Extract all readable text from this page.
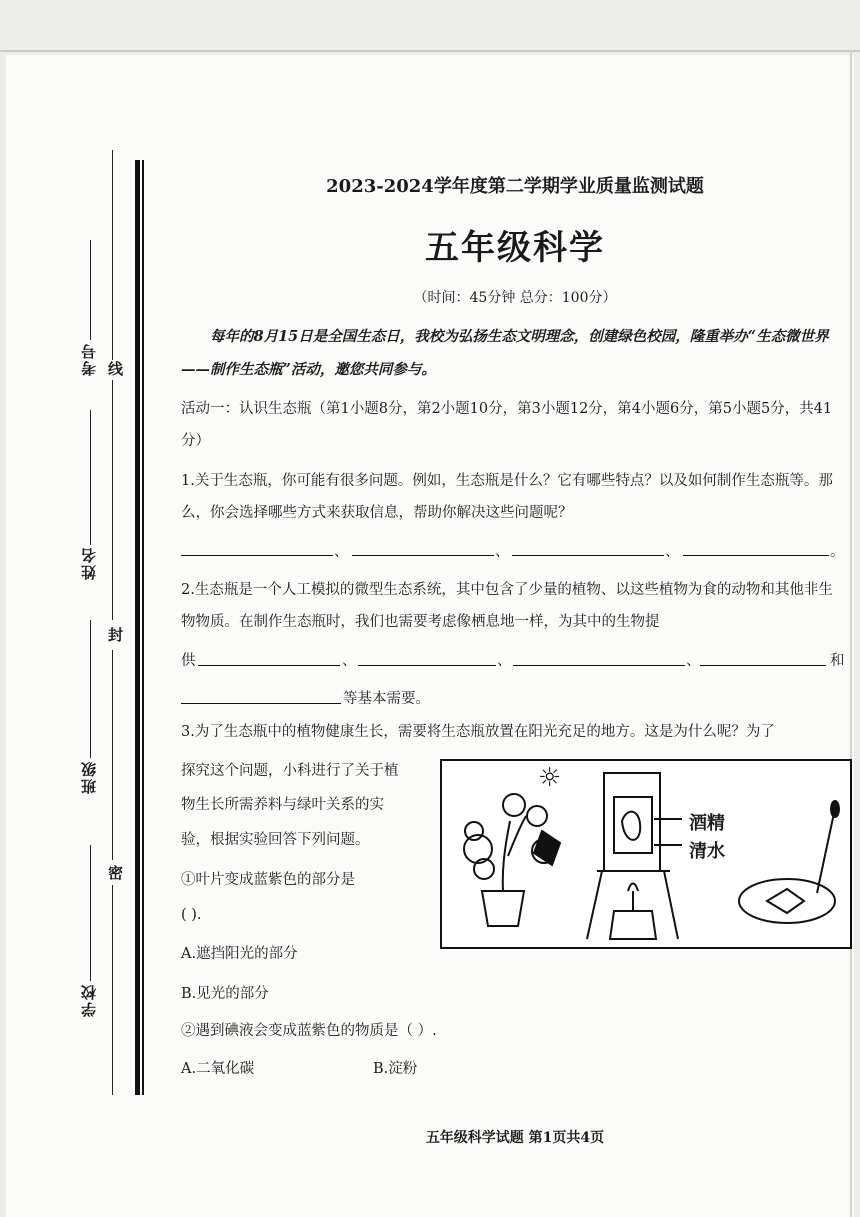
考号
姓名
班级
学校
线
封
密
2023-2024学年度第二学期学业质量监测试题
五年级科学
（时间：45分钟 总分：100分）
每年的8月15日是全国生态日，我校为弘扬生态文明理念，创建绿色校园，隆重举办“生态微世界——制作生态瓶”活动，邀您共同参与。
活动一：认识生态瓶（第1小题8分，第2小题10分，第3小题12分，第4小题6分，第5小题5分，共41分）
1.关于生态瓶，你可能有很多问题。例如，生态瓶是什么？它有哪些特点？以及如何制作生态瓶等。那么，你会选择哪些方式来获取信息，帮助你解决这些问题呢？
、	、	、	。
2.生态瓶是一个人工模拟的微型生态系统，其中包含了少量的植物、以这些植物为食的动物和其他非生物物质。在制作生态瓶时，我们也需要考虑像栖息地一样，为其中的生物提
供	、	、	、	和
等基本需要。
3.为了生态瓶中的植物健康生长，需要将生态瓶放置在阳光充足的地方。这是为什么呢？为了
探究这个问题，小科进行了关于植
物生长所需养料与绿叶关系的实
验，根据实验回答下列问题。
①叶片变成蓝紫色的部分是
( ).
A.遮挡阳光的部分
B.见光的部分
②遇到碘液会变成蓝紫色的物质是（ ）.
A.二氧化碳	B.淀粉
☼
酒精
清水
五年级科学试题 第1页共4页
